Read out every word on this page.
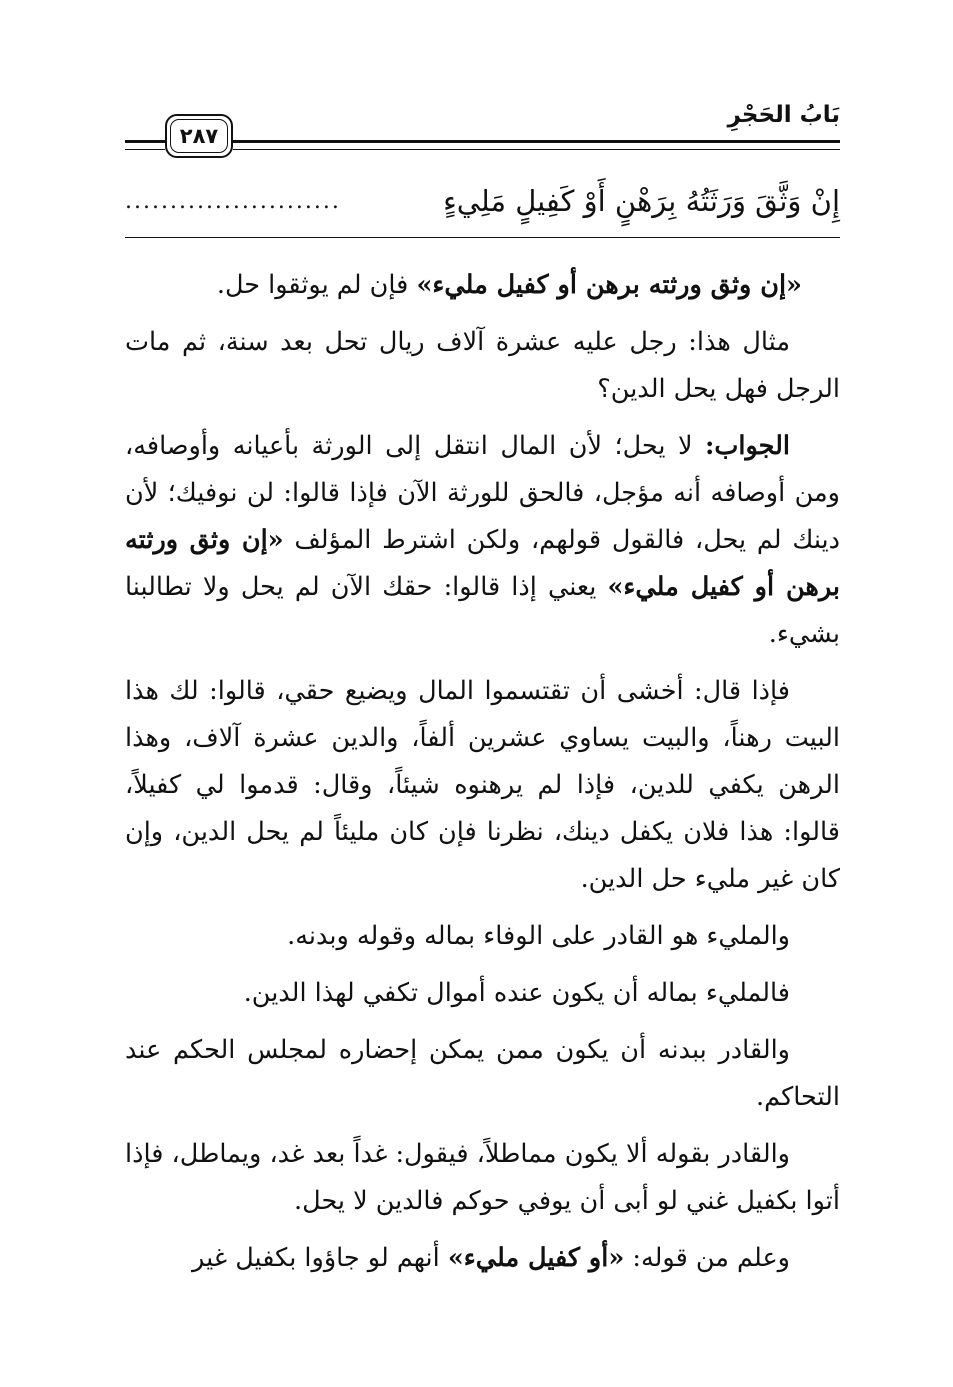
بَابُ الحَجْرِ
٢٨٧
إِنْ وَثَّقَ وَرَثَتُهُ بِرَهْنٍ أَوْ كَفِيلٍ مَلِيءٍ
........................

«إن وثق ورثته برهن أو كفيل مليء» فإن لم يوثقوا حل.

مثال هذا: رجل عليه عشرة آلاف ريال تحل بعد سنة، ثم مات الرجل فهل يحل الدين؟

الجواب: لا يحل؛ لأن المال انتقل إلى الورثة بأعيانه وأوصافه، ومن أوصافه أنه مؤجل، فالحق للورثة الآن فإذا قالوا: لن نوفيك؛ لأن دينك لم يحل، فالقول قولهم، ولكن اشترط المؤلف «إن وثق ورثته برهن أو كفيل مليء» يعني إذا قالوا: حقك الآن لم يحل ولا تطالبنا بشيء.

فإذا قال: أخشى أن تقتسموا المال ويضيع حقي، قالوا: لك هذا البيت رهناً، والبيت يساوي عشرين ألفاً، والدين عشرة آلاف، وهذا الرهن يكفي للدين، فإذا لم يرهنوه شيئاً، وقال: قدموا لي كفيلاً، قالوا: هذا فلان يكفل دينك، نظرنا فإن كان مليئاً لم يحل الدين، وإن كان غير مليء حل الدين.

والمليء هو القادر على الوفاء بماله وقوله وبدنه.

فالمليء بماله أن يكون عنده أموال تكفي لهذا الدين.

والقادر ببدنه أن يكون ممن يمكن إحضاره لمجلس الحكم عند التحاكم.

والقادر بقوله ألا يكون مماطلاً، فيقول: غداً بعد غد، ويماطل، فإذا أتوا بكفيل غني لو أبى أن يوفي حوكم فالدين لا يحل.

وعلم من قوله: «أو كفيل مليء» أنهم لو جاؤوا بكفيل غير
